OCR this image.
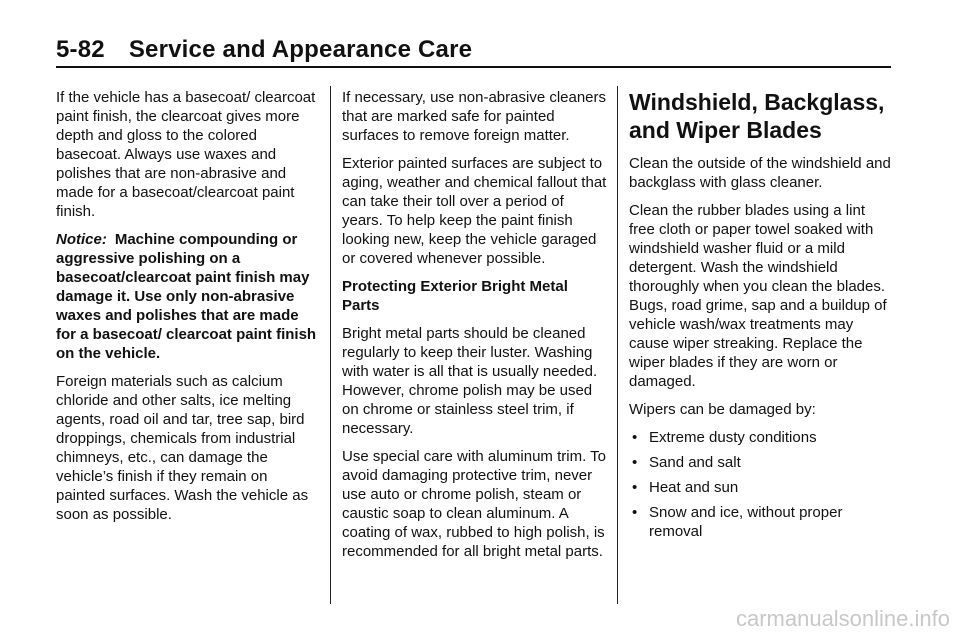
5-82 Service and Appearance Care

If the vehicle has a basecoat/ clearcoat paint finish, the clearcoat gives more depth and gloss to the colored basecoat. Always use waxes and polishes that are non-abrasive and made for a basecoat/clearcoat paint finish.

Notice: Machine compounding or aggressive polishing on a basecoat/clearcoat paint finish may damage it. Use only non-abrasive waxes and polishes that are made for a basecoat/ clearcoat paint finish on the vehicle.

Foreign materials such as calcium chloride and other salts, ice melting agents, road oil and tar, tree sap, bird droppings, chemicals from industrial chimneys, etc., can damage the vehicle’s finish if they remain on painted surfaces. Wash the vehicle as soon as possible.

If necessary, use non-abrasive cleaners that are marked safe for painted surfaces to remove foreign matter.

Exterior painted surfaces are subject to aging, weather and chemical fallout that can take their toll over a period of years. To help keep the paint finish looking new, keep the vehicle garaged or covered whenever possible.

Protecting Exterior Bright Metal Parts

Bright metal parts should be cleaned regularly to keep their luster. Washing with water is all that is usually needed. However, chrome polish may be used on chrome or stainless steel trim, if necessary.

Use special care with aluminum trim. To avoid damaging protective trim, never use auto or chrome polish, steam or caustic soap to clean aluminum. A coating of wax, rubbed to high polish, is recommended for all bright metal parts.

Windshield, Backglass, and Wiper Blades

Clean the outside of the windshield and backglass with glass cleaner.

Clean the rubber blades using a lint free cloth or paper towel soaked with windshield washer fluid or a mild detergent. Wash the windshield thoroughly when you clean the blades. Bugs, road grime, sap and a buildup of vehicle wash/wax treatments may cause wiper streaking. Replace the wiper blades if they are worn or damaged.

Wipers can be damaged by:

• Extreme dusty conditions
• Sand and salt
• Heat and sun
• Snow and ice, without proper removal
carmanualsonline.info
